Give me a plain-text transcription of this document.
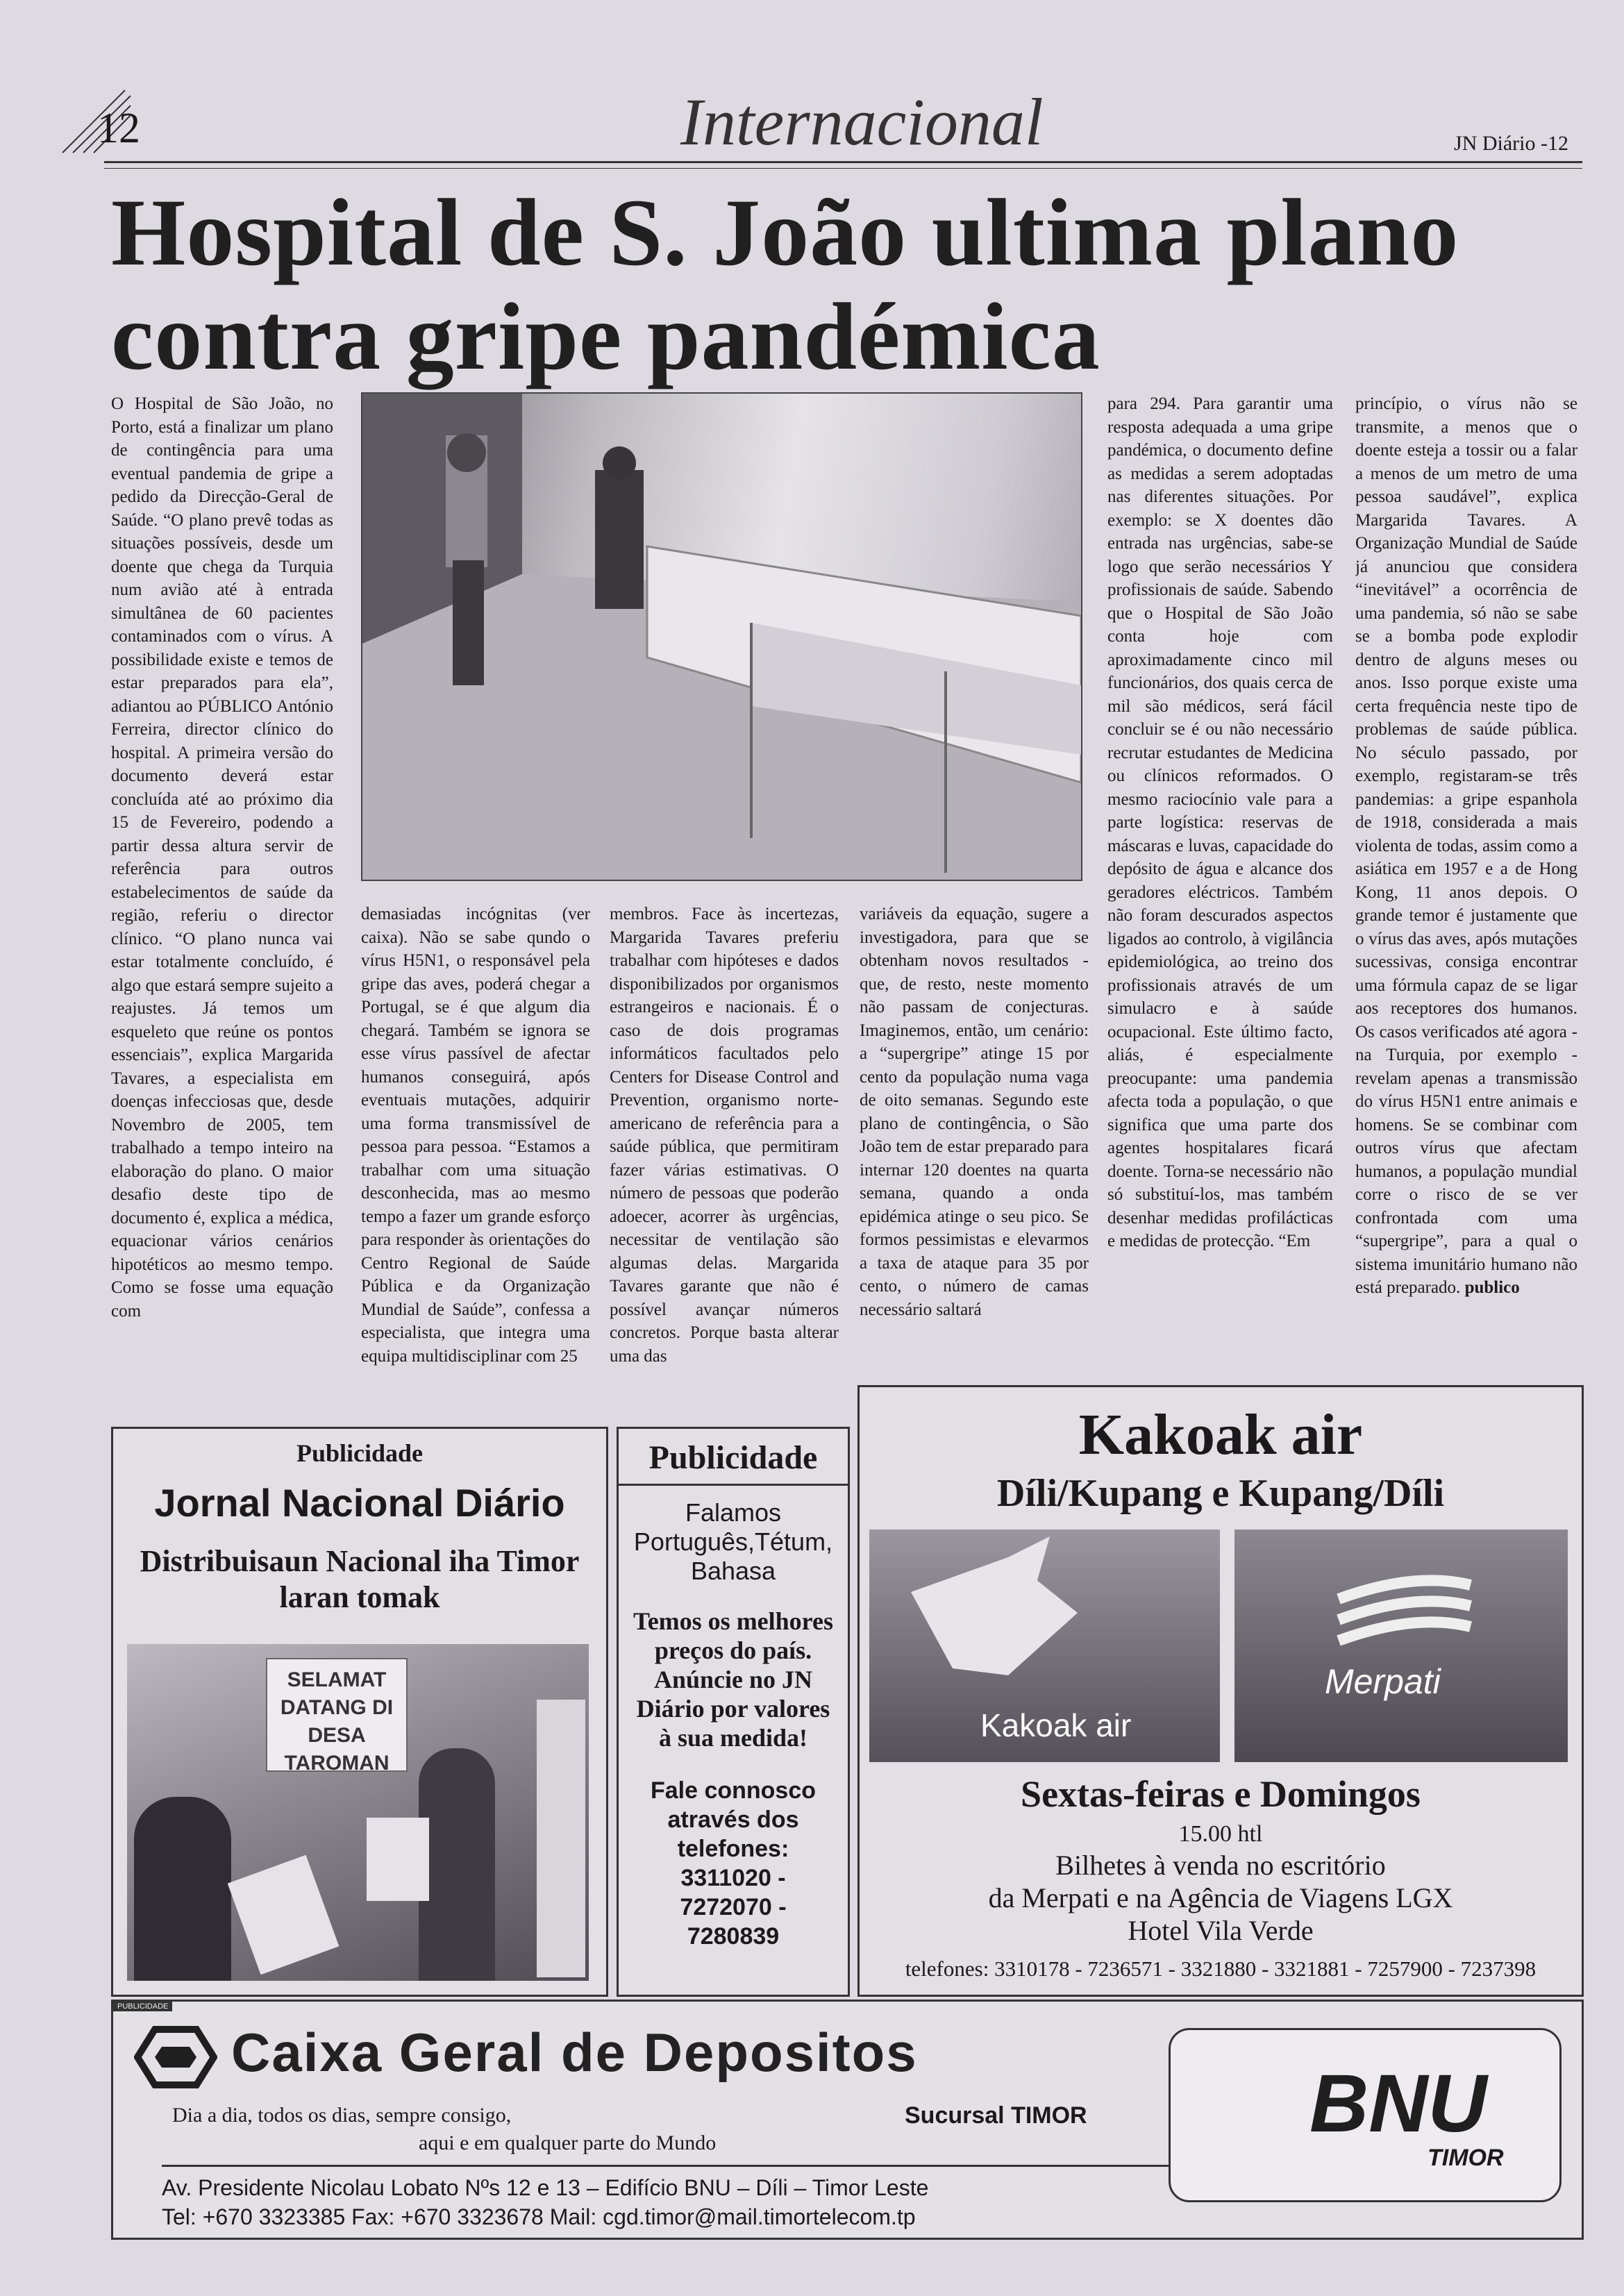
12	Internacional	JN Diário -12
Hospital de S. João ultima plano contra gripe pandémica

O Hospital de São João, no Porto, está a finalizar um plano de contingência para uma eventual pandemia de gripe a pedido da Direcção-Geral de Saúde. “O plano prevê todas as situações possíveis, desde um doente que chega da Turquia num avião até à entrada simultânea de 60 pacientes contaminados com o vírus. A possibilidade existe e temos de estar preparados para ela”, adiantou ao PÚBLICO António Ferreira, director clínico do hospital. A primeira versão do documento deverá estar concluída até ao próximo dia 15 de Fevereiro, podendo a partir dessa altura servir de referência para outros estabelecimentos de saúde da região, referiu o director clínico. “O plano nunca vai estar totalmente concluído, é algo que estará sempre sujeito a reajustes. Já temos um esqueleto que reúne os pontos essenciais”, explica Margarida Tavares, a especialista em doenças infecciosas que, desde Novembro de 2005, tem trabalhado a tempo inteiro na elaboração do plano. O maior desafio deste tipo de documento é, explica a médica, equacionar vários cenários hipotéticos ao mesmo tempo. Como se fosse uma equação com

demasiadas incógnitas (ver caixa). Não se sabe qundo o vírus H5N1, o responsável pela gripe das aves, poderá chegar a Portugal, se é que algum dia chegará. Também se ignora se esse vírus passível de afectar humanos conseguirá, após eventuais mutações, adquirir uma forma transmissível de pessoa para pessoa. “Estamos a trabalhar com uma situação desconhecida, mas ao mesmo tempo a fazer um grande esforço para responder às orientações do Centro Regional de Saúde Pública e da Organização Mundial de Saúde”, confessa a especialista, que integra uma equipa multidisciplinar com 25

membros. Face às incertezas, Margarida Tavares preferiu trabalhar com hipóteses e dados disponibilizados por organismos estrangeiros e nacionais. É o caso de dois programas informáticos facultados pelo Centers for Disease Control and Prevention, organismo norte-americano de referência para a saúde pública, que permitiram fazer várias estimativas. O número de pessoas que poderão adoecer, acorrer às urgências, necessitar de ventilação são algumas delas. Margarida Tavares garante que não é possível avançar números concretos. Porque basta alterar uma das

variáveis da equação, sugere a investigadora, para que se obtenham novos resultados - que, de resto, neste momento não passam de conjecturas. Imaginemos, então, um cenário: a “supergripe” atinge 15 por cento da população numa vaga de oito semanas. Segundo este plano de contingência, o São João tem de estar preparado para internar 120 doentes na quarta semana, quando a onda epidémica atinge o seu pico. Se formos pessimistas e elevarmos a taxa de ataque para 35 por cento, o número de camas necessário saltará

para 294. Para garantir uma resposta adequada a uma gripe pandémica, o documento define as medidas a serem adoptadas nas diferentes situações. Por exemplo: se X doentes dão entrada nas urgências, sabe-se logo que serão necessários Y profissionais de saúde. Sabendo que o Hospital de São João conta hoje com aproximadamente cinco mil funcionários, dos quais cerca de mil são médicos, será fácil concluir se é ou não necessário recrutar estudantes de Medicina ou clínicos reformados. O mesmo raciocínio vale para a parte logística: reservas de máscaras e luvas, capacidade do depósito de água e alcance dos geradores eléctricos. Também não foram descurados aspectos ligados ao controlo, à vigilância epidemiológica, ao treino dos profissionais através de um simulacro e à saúde ocupacional. Este último facto, aliás, é especialmente preocupante: uma pandemia afecta toda a população, o que significa que uma parte dos agentes hospitalares ficará doente. Torna-se necessário não só substituí-los, mas também desenhar medidas profilácticas e medidas de protecção. “Em

princípio, o vírus não se transmite, a menos que o doente esteja a tossir ou a falar a menos de um metro de uma pessoa saudável”, explica Margarida Tavares. A Organização Mundial de Saúde já anunciou que considera “inevitável” a ocorrência de uma pandemia, só não se sabe se a bomba pode explodir dentro de alguns meses ou anos. Isso porque existe uma certa frequência neste tipo de problemas de saúde pública. No século passado, por exemplo, registaram-se três pandemias: a gripe espanhola de 1918, considerada a mais violenta de todas, assim como a asiática em 1957 e a de Hong Kong, 11 anos depois. O grande temor é justamente que o vírus das aves, após mutações sucessivas, consiga encontrar uma fórmula capaz de se ligar aos receptores dos humanos. Os casos verificados até agora - na Turquia, por exemplo - revelam apenas a transmissão do vírus H5N1 entre animais e homens. Se se combinar com outros vírus que afectam humanos, a população mundial corre o risco de se ver confrontada com uma “supergripe”, para a qual o sistema imunitário humano não está preparado. publico

Publicidade
Jornal Nacional Diário
Distribuisaun Nacional iha Timor laran tomak
SELAMAT DATANG DI DESA TAROMAN
Publicidade
Falamos Português,Tétum, Bahasa
Temos os melhores preços do país. Anúncie no JN Diário por valores à sua medida!
Fale connosco através dos telefones:
3311020 - 7272070 - 7280839
Kakoak air
Díli/Kupang e Kupang/Díli
Kakoak air
Merpati
Sextas-feiras e Domingos
15.00 htl
Bilhetes à venda no escritório
da Merpati e na Agência de Viagens LGX
Hotel Vila Verde
telefones: 3310178 - 7236571 - 3321880 - 3321881 - 7257900 - 7237398
PUBLICIDADE
Caixa Geral de Depositos
Dia a dia, todos os dias, sempre consigo,
aqui e em qualquer parte do Mundo
Sucursal TIMOR
Av. Presidente Nicolau Lobato Nºs 12 e 13 – Edifício BNU – Díli – Timor Leste
Tel: +670 3323385 Fax: +670 3323678 Mail: cgd.timor@mail.timortelecom.tp
BNU
TIMOR
